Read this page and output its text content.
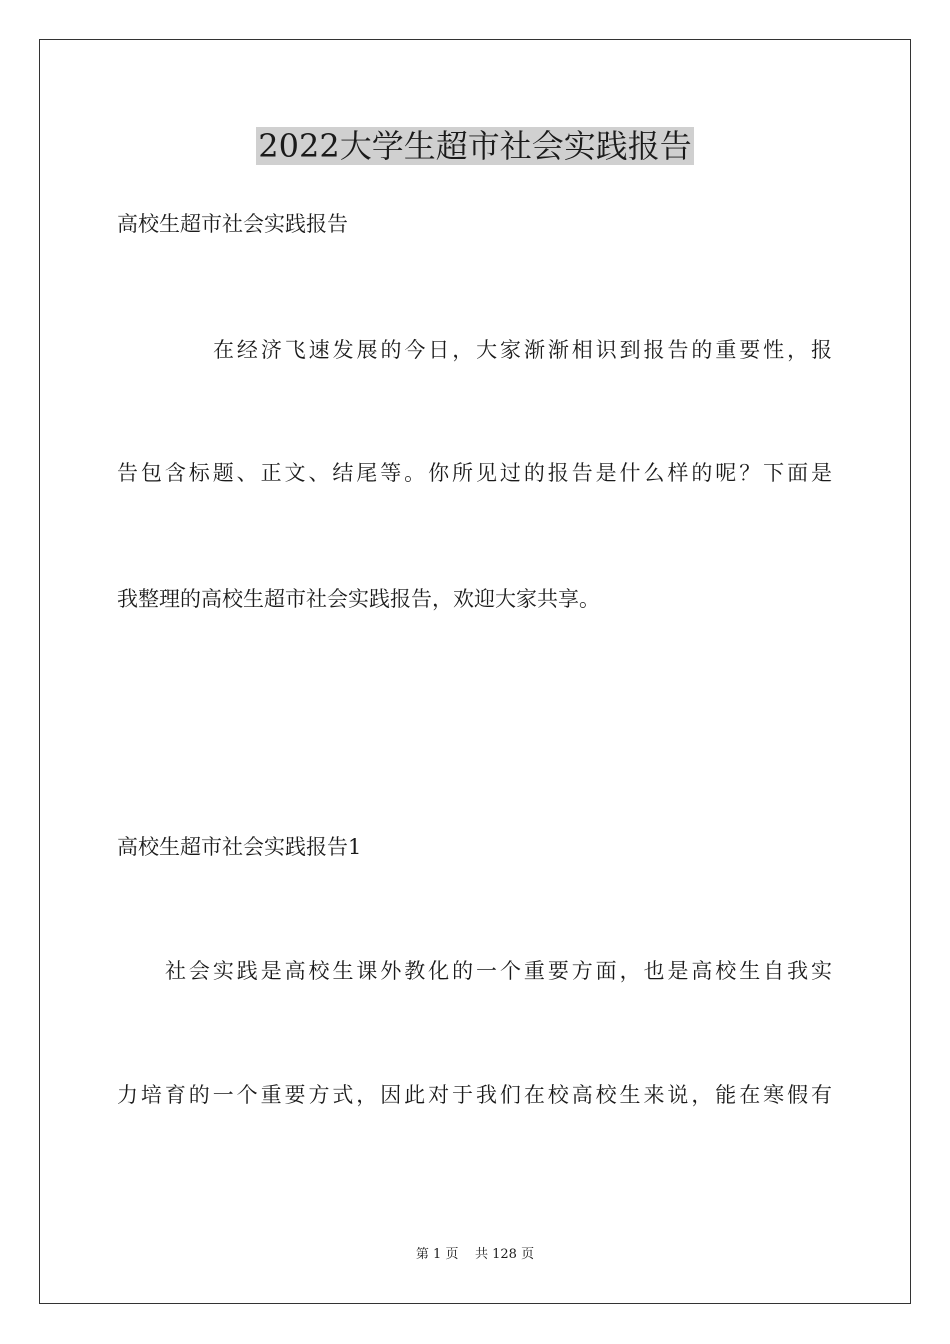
2022大学生超市社会实践报告

高校生超市社会实践报告

在经济飞速发展的今日，大家渐渐相识到报告的重要性，报

告包含标题、正文、结尾等。你所见过的报告是什么样的呢？下面是

我整理的高校生超市社会实践报告，欢迎大家共享。

高校生超市社会实践报告1

社会实践是高校生课外教化的一个重要方面，也是高校生自我实

力培育的一个重要方式，因此对于我们在校高校生来说，能在寒假有

第 1 页    共 128 页
